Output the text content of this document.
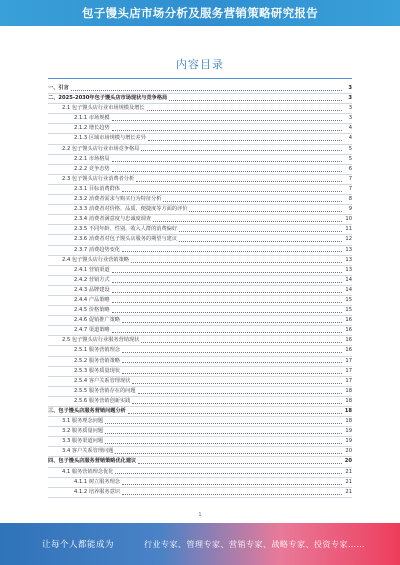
包子馒头店市场分析及服务营销策略研究报告
内容目录
一、引言	3
二、2025-2030年包子馒头店市场现状与竞争格局	3
2.1 包子馒头店行业市场规模及增长	3
2.1.1 市场规模	3
2.1.2 增长趋势	4
2.1.3 区域市场规模与增长差异	4
2.2 包子馒头店行业市场竞争格局	5
2.2.1 市场格局	5
2.2.2 竞争态势	6
2.3 包子馒头店行业消费者分析	7
2.3.1 目标消费群体	7
2.3.2 消费者需求与购买行为特征分析	8
2.3.3 消费者对价格、品质、便捷度等方面的评价	9
2.3.4 消费者满意度与忠诚度调查	10
2.3.5 不同年龄、性别、收入人群的消费偏好	11
2.3.6 消费者对包子馒头店服务的期望与建议	12
2.3.7 消费趋势变化	13
2.4 包子馒头店行业营销策略	13
2.4.1 营销渠道	13
2.4.2 营销方式	14
2.4.3 品牌建设	14
2.4.4 产品策略	15
2.4.5 价格策略	15
2.4.6 促销推广策略	16
2.4.7 渠道策略	16
2.5 包子馒头店行业服务营销现状	16
2.5.1 服务营销理念	16
2.5.2 服务营销策略	17
2.5.3 服务质量现状	17
2.5.4 客户关系管理现状	17
2.5.5 服务营销存在的问题	18
2.5.6 服务营销创新实践	18
三、包子馒头店服务营销问题分析	18
3.1 服务理念问题	18
3.2 服务质量问题	19
3.3 服务渠道问题	19
3.4 客户关系管理问题	20
四、包子馒头店服务营销策略优化建议	20
4.1 服务营销理念优化	21
4.1.1 树立服务理念	21
4.1.2 培养服务意识	21
1
让每个人都能成为	行业专家、管理专家、营销专家、战略专家、投资专家……
